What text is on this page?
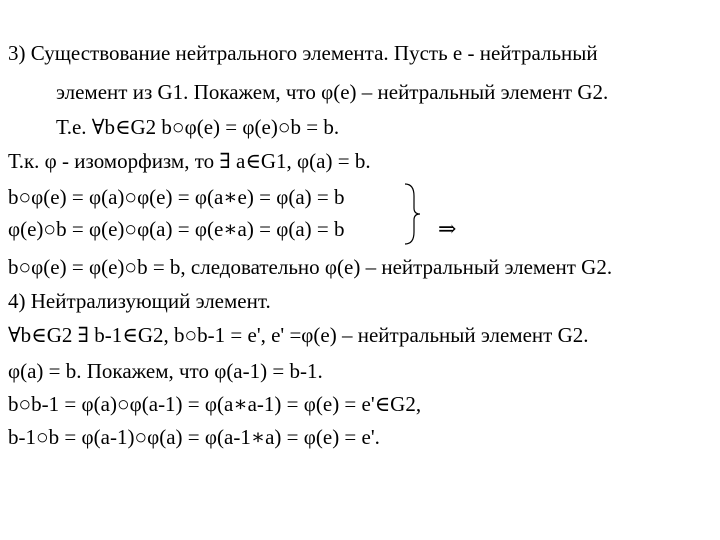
3) Существование нейтрального элемента. Пусть e - нейтральный
элемент из G1. Покажем, что φ(e) – нейтральный элемент G2.
Т.е. ∀b∈G2 b○φ(e) = φ(e)○b = b.
Т.к. φ - изоморфизм, то ∃ a∈G1, φ(a) = b.
b○φ(e) = φ(a)○φ(e) = φ(a∗e) = φ(a) = b
φ(e)○b = φ(e)○φ(a) = φ(e∗a) = φ(a) = b	⇒
b○φ(e) = φ(e)○b = b, следовательно φ(e) – нейтральный элемент G2.
4) Нейтрализующий элемент.
∀b∈G2 ∃ b-1∈G2, b○b-1 = e', e' =φ(e) – нейтральный элемент G2.
φ(a) = b. Покажем, что φ(a-1) = b-1.
b○b-1 = φ(a)○φ(a-1) = φ(a∗a-1) = φ(e) = e'∈G2,
b-1○b = φ(a-1)○φ(a) = φ(a-1∗a) = φ(e) = e'.
